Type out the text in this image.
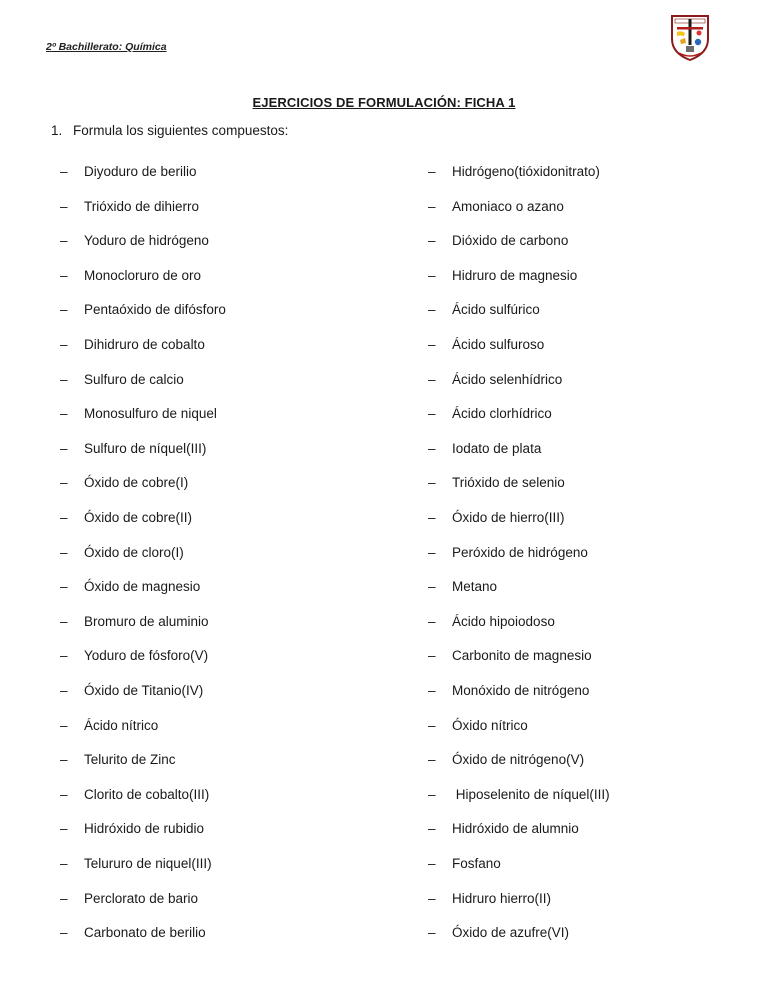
2º Bachillerato: Química
EJERCICIOS DE FORMULACIÓN: FICHA 1
1. Formula los siguientes compuestos:
– Diyoduro de berilio
– Trióxido de dihierro
– Yoduro de hidrógeno
– Monocloruro de oro
– Pentaóxido de difósforo
– Dihidruro de cobalto
– Sulfuro de calcio
– Monosulfuro de niquel
– Sulfuro de níquel(III)
– Óxido de cobre(I)
– Óxido de cobre(II)
– Óxido de cloro(I)
– Óxido de magnesio
– Bromuro de aluminio
– Yoduro de fósforo(V)
– Óxido de Titanio(IV)
– Ácido nítrico
– Telurito de Zinc
– Clorito de cobalto(III)
– Hidróxido de rubidio
– Telururo de niquel(III)
– Perclorato de bario
– Carbonato de berilio
– Hidrógeno(tióxidonitrato)
– Amoniaco o azano
– Dióxido de carbono
– Hidruro de magnesio
– Ácido sulfúrico
– Ácido sulfuroso
– Ácido selenhídrico
– Ácido clorhídrico
– Iodato de plata
– Trióxido de selenio
– Óxido de hierro(III)
– Peróxido de hidrógeno
– Metano
– Ácido hipoiodoso
– Carbonito de magnesio
– Monóxido de nitrógeno
– Óxido nítrico
– Óxido de nitrógeno(V)
– Hiposelenito de níquel(III)
– Hidróxido de alumnio
– Fosfano
– Hidruro hierro(II)
– Óxido de azufre(VI)
